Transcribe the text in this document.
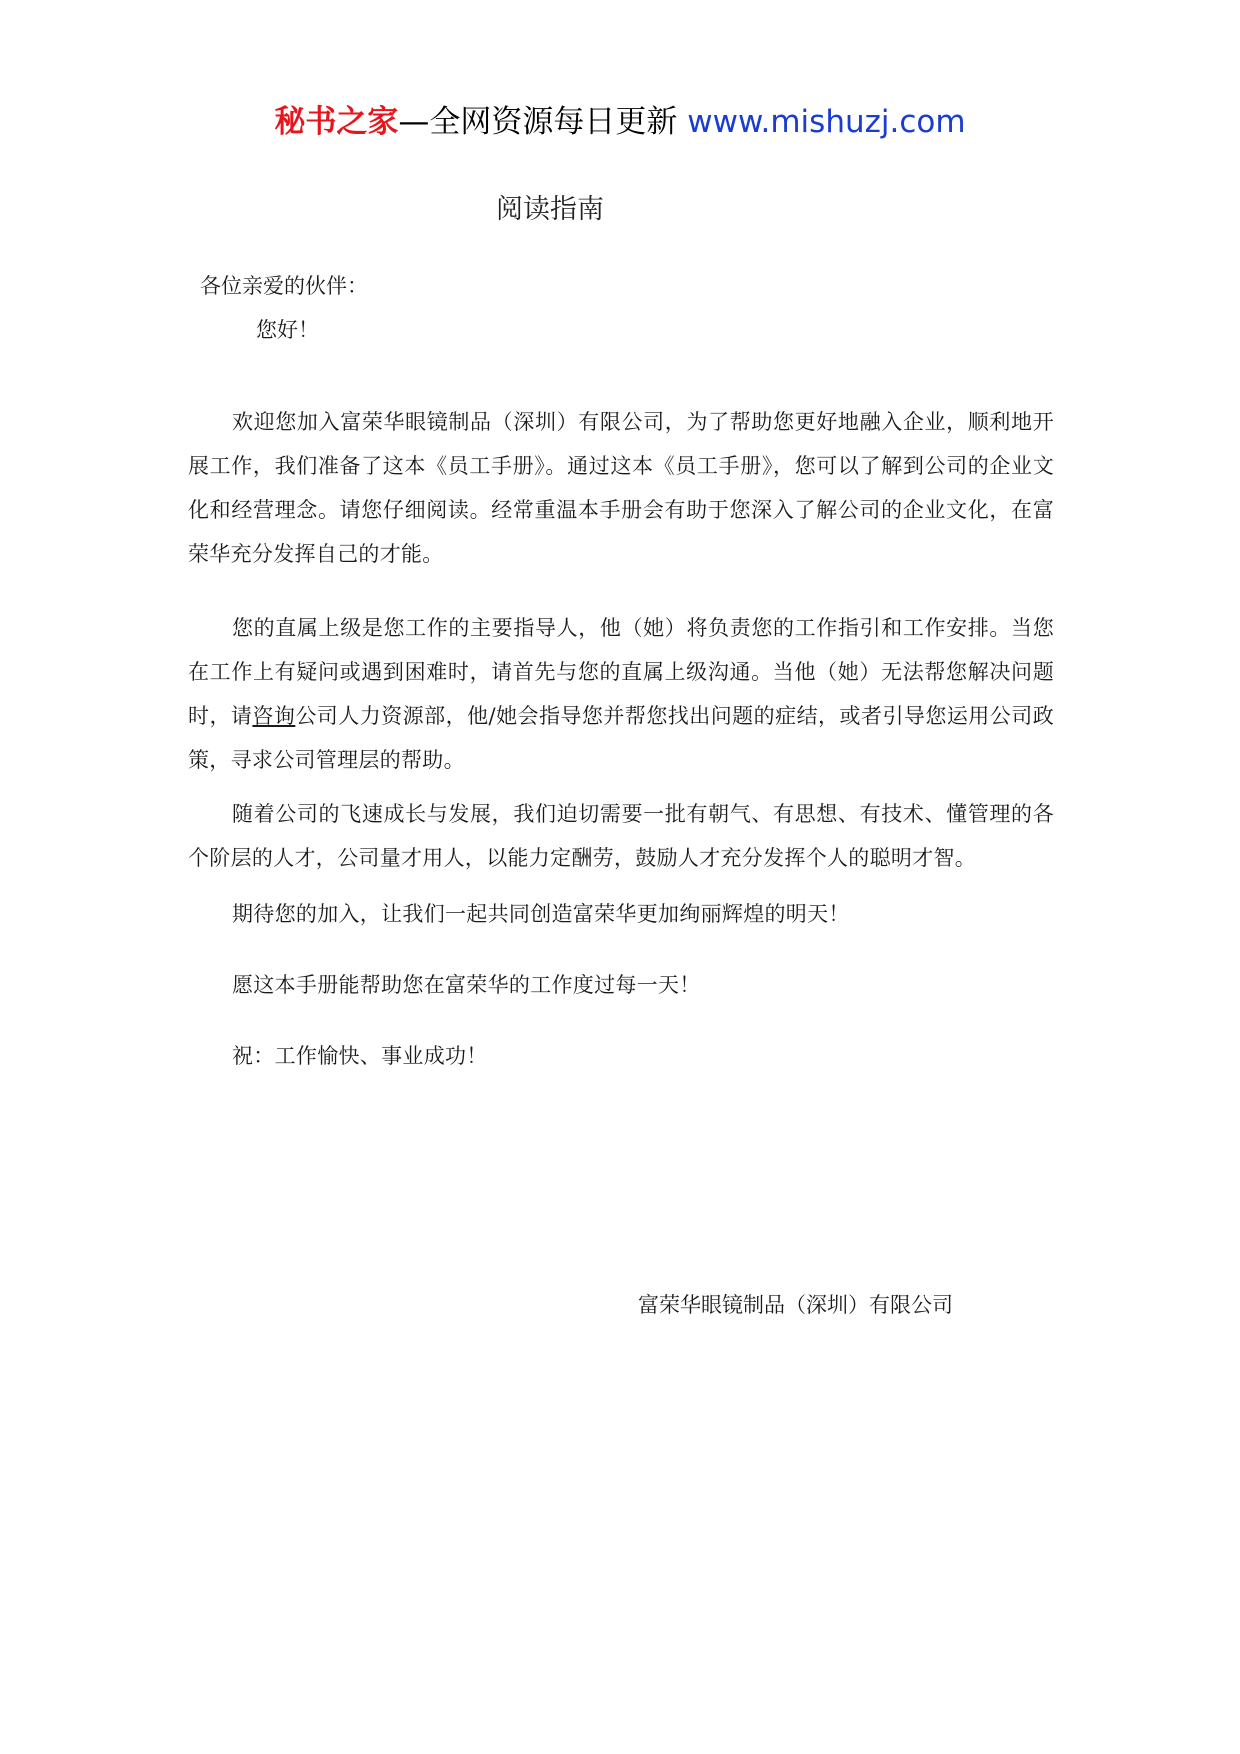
秘书之家—全网资源每日更新 www.mishuzj.com
阅读指南
各位亲爱的伙伴：
您好！

欢迎您加入富荣华眼镜制品（深圳）有限公司，为了帮助您更好地融入企业，顺利地开展工作，我们准备了这本《员工手册》。通过这本《员工手册》，您可以了解到公司的企业文化和经营理念。请您仔细阅读。经常重温本手册会有助于您深入了解公司的企业文化，在富荣华充分发挥自己的才能。

您的直属上级是您工作的主要指导人，他（她）将负责您的工作指引和工作安排。当您在工作上有疑问或遇到困难时，请首先与您的直属上级沟通。当他（她）无法帮您解决问题时，请咨询公司人力资源部，他/她会指导您并帮您找出问题的症结，或者引导您运用公司政策，寻求公司管理层的帮助。

随着公司的飞速成长与发展，我们迫切需要一批有朝气、有思想、有技术、懂管理的各个阶层的人才，公司量才用人，以能力定酬劳，鼓励人才充分发挥个人的聪明才智。

期待您的加入，让我们一起共同创造富荣华更加绚丽辉煌的明天！

愿这本手册能帮助您在富荣华的工作度过每一天！

祝：工作愉快、事业成功！

富荣华眼镜制品（深圳）有限公司
